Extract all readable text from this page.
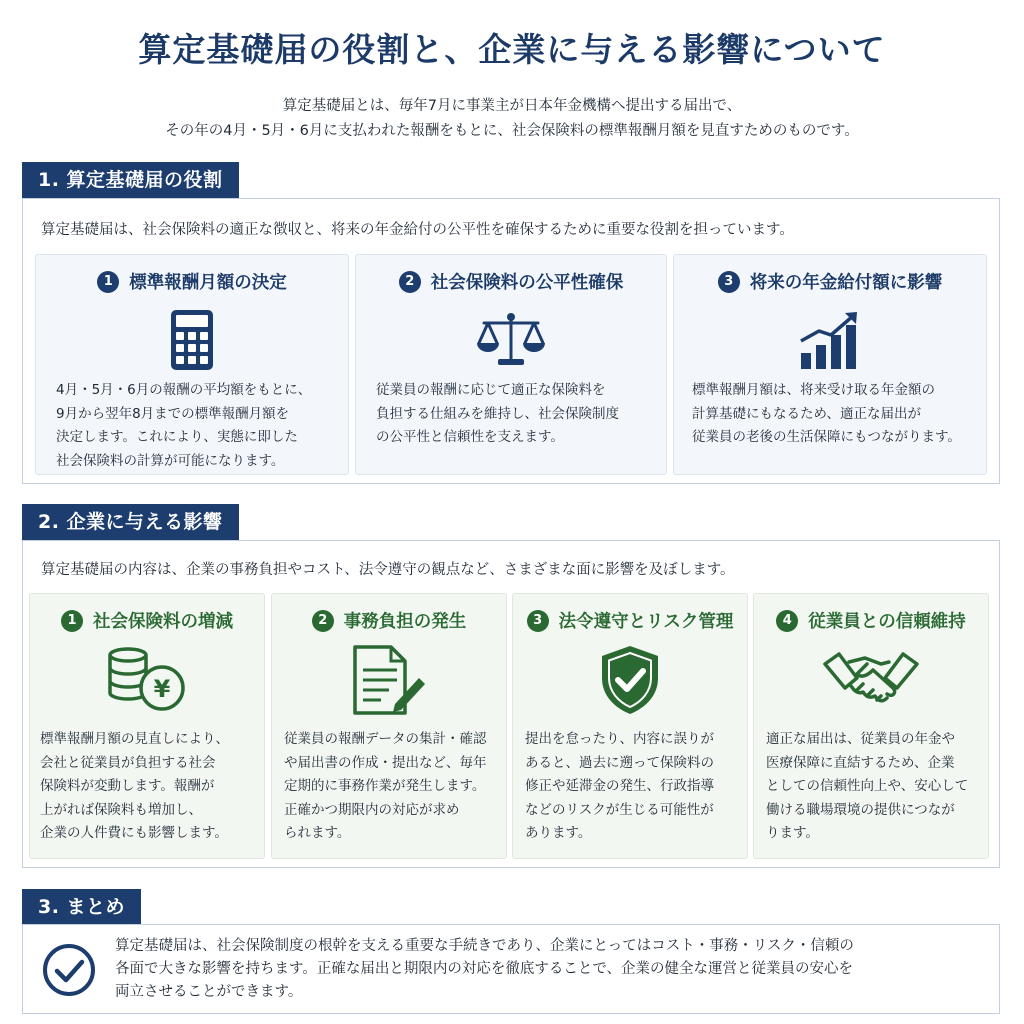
算定基礎届の役割と、企業に与える影響について
算定基礎届とは、毎年7月に事業主が日本年金機構へ提出する届出で、
その年の4月・5月・6月に支払われた報酬をもとに、社会保険料の標準報酬月額を見直すためのものです。
1. 算定基礎届の役割
算定基礎届は、社会保険料の適正な徴収と、将来の年金給付の公平性を確保するために重要な役割を担っています。
1 標準報酬月額の決定
4月・5月・6月の報酬の平均額をもとに、
9月から翌年8月までの標準報酬月額を
決定します。これにより、実態に即した
社会保険料の計算が可能になります。
2 社会保険料の公平性確保
従業員の報酬に応じて適正な保険料を
負担する仕組みを維持し、社会保険制度
の公平性と信頼性を支えます。
3 将来の年金給付額に影響
標準報酬月額は、将来受け取る年金額の
計算基礎にもなるため、適正な届出が
従業員の老後の生活保障にもつながります。
2. 企業に与える影響
算定基礎届の内容は、企業の事務負担やコスト、法令遵守の観点など、さまざまな面に影響を及ぼします。
1 社会保険料の増減
¥
標準報酬月額の見直しにより、
会社と従業員が負担する社会
保険料が変動します。報酬が
上がれば保険料も増加し、
企業の人件費にも影響します。
2 事務負担の発生
従業員の報酬データの集計・確認
や届出書の作成・提出など、毎年
定期的に事務作業が発生します。
正確かつ期限内の対応が求め
られます。
3 法令遵守とリスク管理
提出を怠ったり、内容に誤りが
あると、過去に遡って保険料の
修正や延滞金の発生、行政指導
などのリスクが生じる可能性が
あります。
4 従業員との信頼維持
適正な届出は、従業員の年金や
医療保障に直結するため、企業
としての信頼性向上や、安心して
働ける職場環境の提供につなが
ります。
3. まとめ
算定基礎届は、社会保険制度の根幹を支える重要な手続きであり、企業にとってはコスト・事務・リスク・信頼の
各面で大きな影響を持ちます。正確な届出と期限内の対応を徹底することで、企業の健全な運営と従業員の安心を
両立させることができます。
